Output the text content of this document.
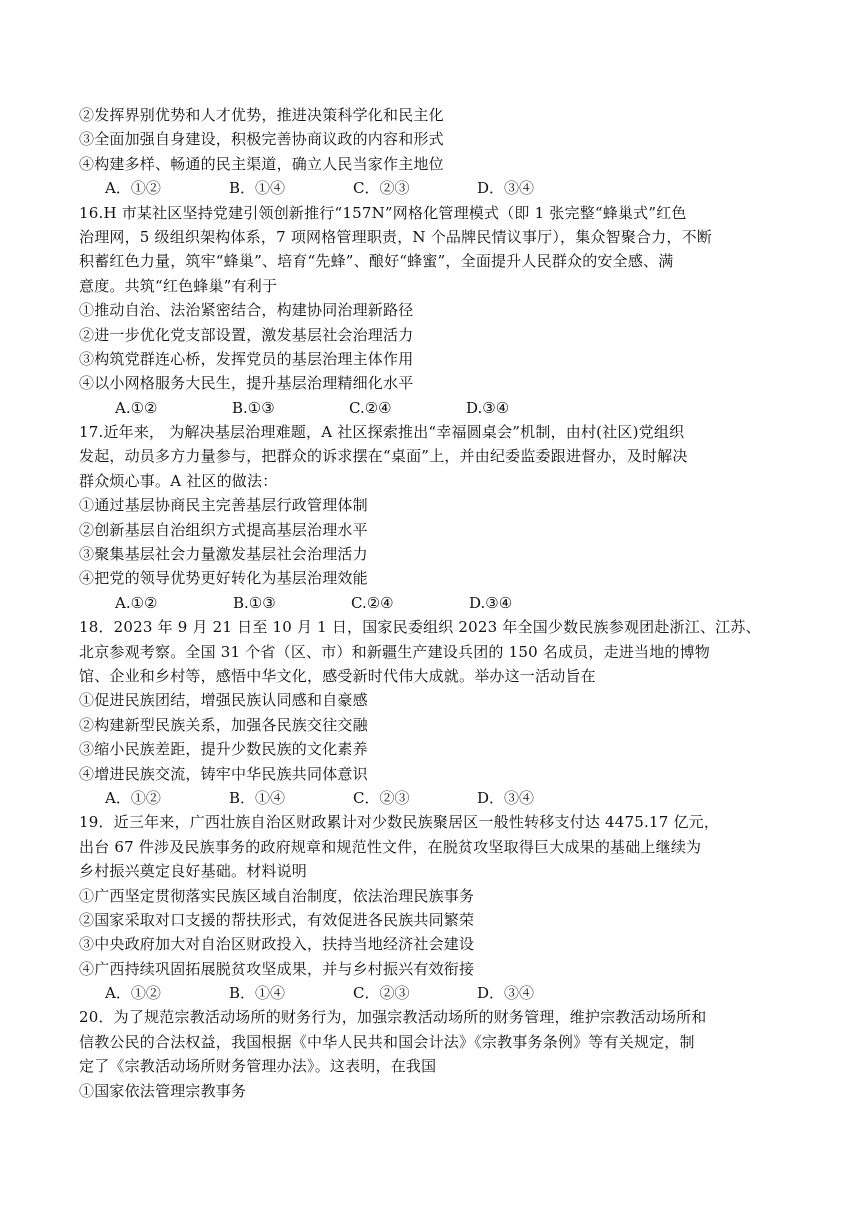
②发挥界别优势和人才优势，推进决策科学化和民主化
③全面加强自身建设，积极完善协商议政的内容和形式
④构建多样、畅通的民主渠道，确立人民当家作主地位
A．①②	B．①④	C．②③	D．③④
16.H 市某社区坚持党建引领创新推行“157N”网格化管理模式（即 1 张完整“蜂巢式”红色
治理网，5 级组织架构体系，7 项网格管理职责，N 个品牌民情议事厅），集众智聚合力，不断
积蓄红色力量，筑牢“蜂巢”、培育“先蜂”、酿好“蜂蜜”，全面提升人民群众的安全感、满
意度。共筑“红色蜂巢”有利于
①推动自治、法治紧密结合，构建协同治理新路径
②进一步优化党支部设置，激发基层社会治理活力
③构筑党群连心桥，发挥党员的基层治理主体作用
④以小网格服务大民生，提升基层治理精细化水平
A.①②	B.①③	C.②④	D.③④
17.近年来， 为解决基层治理难题，A 社区探索推出“幸福圆桌会”机制，由村(社区)党组织
发起，动员多方力量参与，把群众的诉求摆在“桌面”上，并由纪委监委跟进督办，及时解决
群众烦心事。A 社区的做法：
①通过基层协商民主完善基层行政管理体制
②创新基层自治组织方式提高基层治理水平
③聚集基层社会力量激发基层社会治理活力
④把党的领导优势更好转化为基层治理效能
A.①②	B.①③	C.②④	D.③④
18．2023 年 9 月 21 日至 10 月 1 日，国家民委组织 2023 年全国少数民族参观团赴浙江、江苏、
北京参观考察。全国 31 个省（区、市）和新疆生产建设兵团的 150 名成员，走进当地的博物
馆、企业和乡村等，感悟中华文化，感受新时代伟大成就。举办这一活动旨在
①促进民族团结，增强民族认同感和自豪感
②构建新型民族关系，加强各民族交往交融
③缩小民族差距，提升少数民族的文化素养
④增进民族交流，铸牢中华民族共同体意识
A．①②	B．①④	C．②③	D．③④
19．近三年来，广西壮族自治区财政累计对少数民族聚居区一般性转移支付达 4475.17 亿元，
出台 67 件涉及民族事务的政府规章和规范性文件，在脱贫攻坚取得巨大成果的基础上继续为
乡村振兴奠定良好基础。材料说明
①广西坚定贯彻落实民族区域自治制度，依法治理民族事务
②国家采取对口支援的帮扶形式，有效促进各民族共同繁荣
③中央政府加大对自治区财政投入，扶持当地经济社会建设
④广西持续巩固拓展脱贫攻坚成果，并与乡村振兴有效衔接
A．①②	B．①④	C．②③	D．③④
20．为了规范宗教活动场所的财务行为，加强宗教活动场所的财务管理，维护宗教活动场所和
信教公民的合法权益，我国根据《中华人民共和国会计法》《宗教事务条例》等有关规定，制
定了《宗教活动场所财务管理办法》。这表明，在我国
①国家依法管理宗教事务
